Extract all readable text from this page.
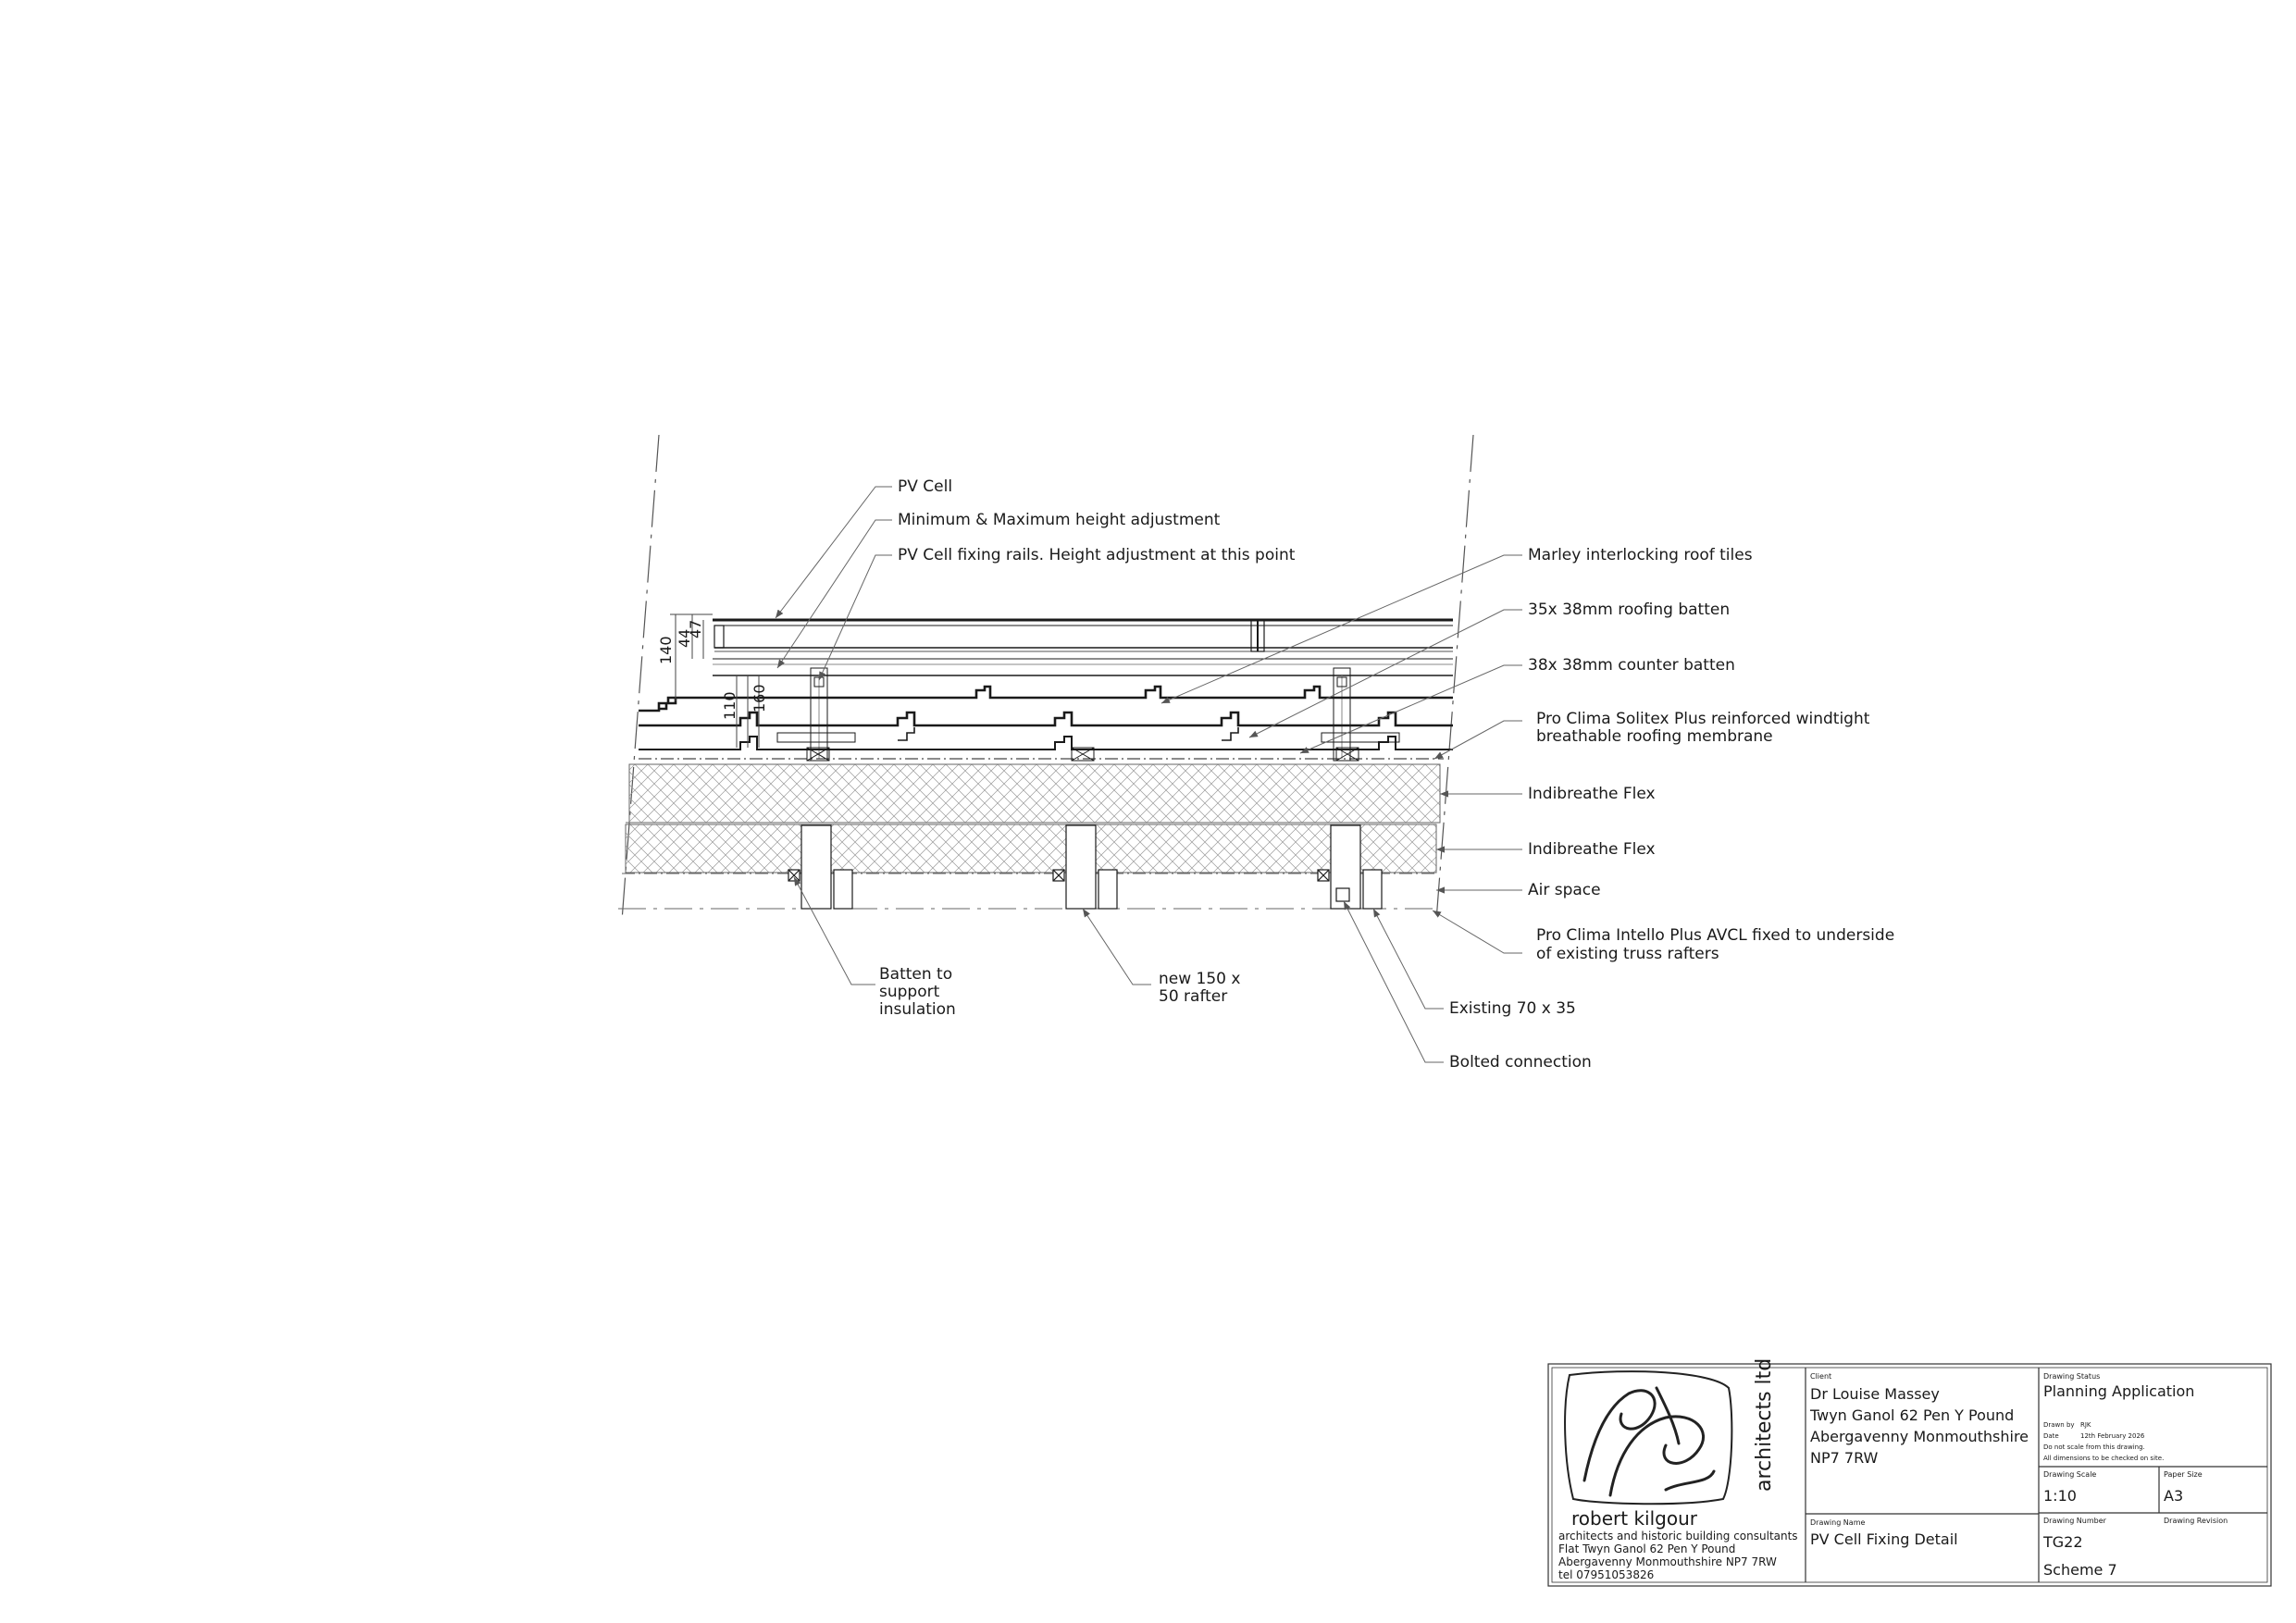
140 44
47
110 160
PV Cell
Minimum & Maximum height adjustment
PV Cell fixing rails. Height adjustment at this point	Marley interlocking roof tiles
35x 38mm roofing batten
38x 38mm counter batten
Pro Clima Solitex Plus reinforced windtight
breathable roofing membrane
Indibreathe Flex
Indibreathe Flex
Air space
Pro Clima Intello Plus AVCL fixed to underside
of existing truss rafters
Batten to
support
insulation
new 150 x
50 rafter
Existing 70 x 35
Bolted connection
architects ltd
robert kilgour
architects and historic building consultants
Flat Twyn Ganol 62 Pen Y Pound
Abergavenny Monmouthshire NP7 7RW
tel 07951053826
Client
Dr Louise Massey
Twyn Ganol 62 Pen Y Pound
Abergavenny Monmouthshire
NP7 7RW
Drawing Name
PV Cell Fixing Detail
Drawing Status
Planning Application
Drawn by RJK
Date	12th February 2026
Do not scale from this drawing.
All dimensions to be checked on site.
Drawing Scale
1:10
Paper Size
A3
Drawing Number
TG22
Drawing Revision
Scheme 7
